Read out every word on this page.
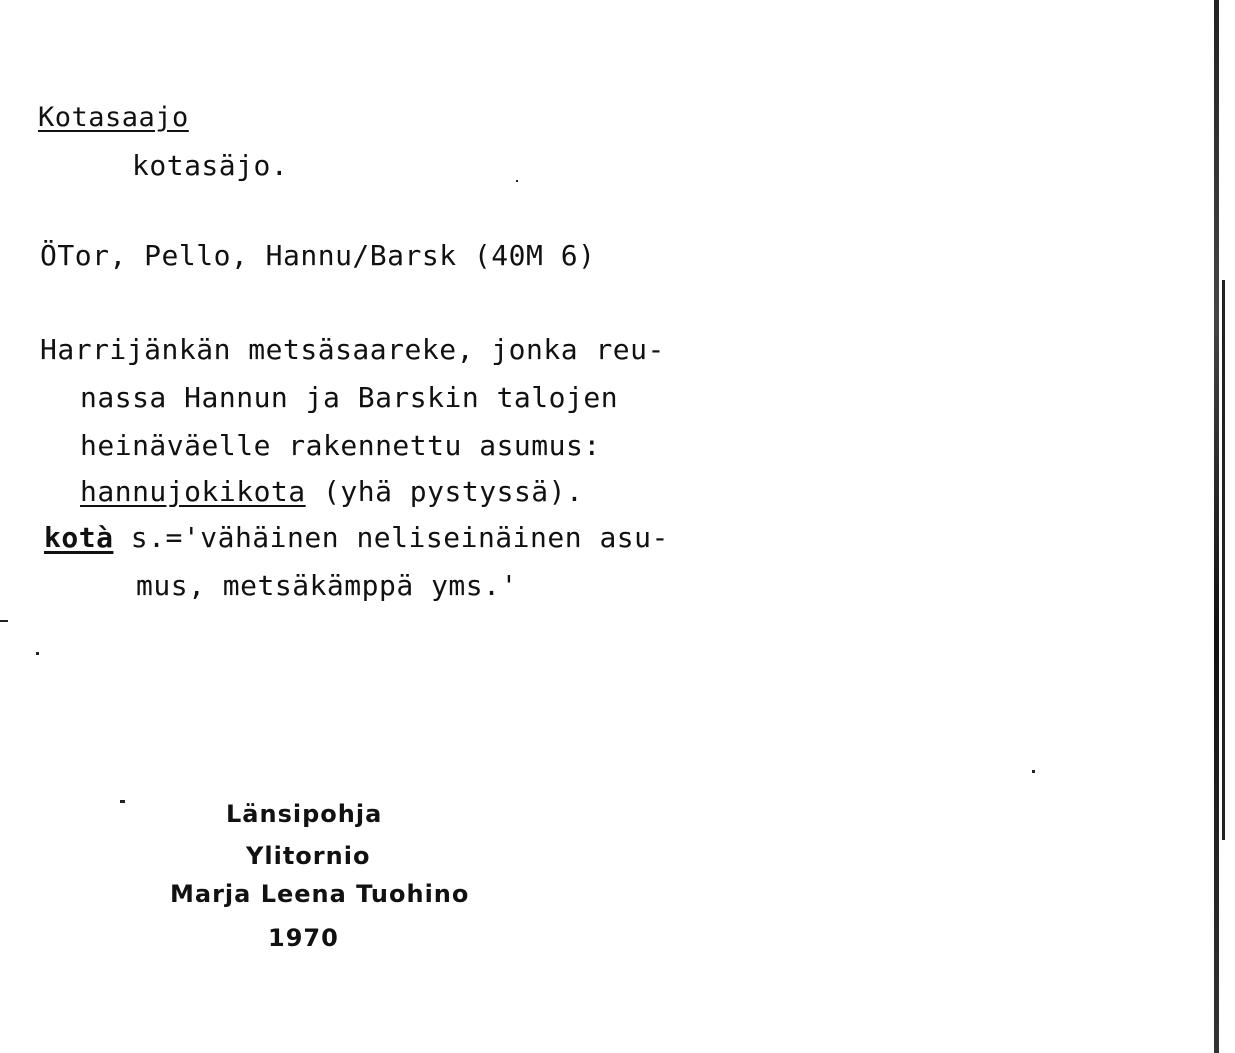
Kotasaajo
kotasäjo.
ÖTor, Pello, Hannu/Barsk (40M 6)
Harrijänkän metsäsaareke, jonka reu-
nassa Hannun ja Barskin talojen
heinäväelle rakennettu asumus:
hannujokikota (yhä pystyssä).
kotà s.='vähäinen neliseinäinen asu-
mus, metsäkämppä yms.'
Länsipohja
Ylitornio
Marja Leena Tuohino
1970
